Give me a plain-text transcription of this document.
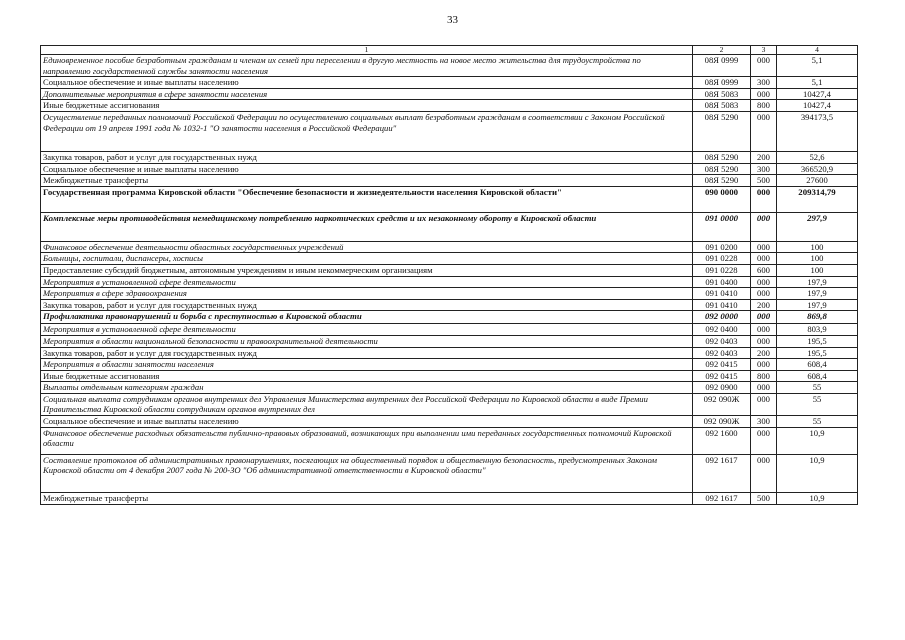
33
1	2	3	4
Единовременное пособие безработным гражданам и членам их семей при переселении в другую местность на новое место жительства для трудоустройства по направлению государственной службы занятости населения	08Я 0999	000	5,1
Социальное обеспечение и иные выплаты населению	08Я 0999	300	5,1
Дополнительные мероприятия в сфере занятости населения	08Я 5083	000	10427,4
Иные бюджетные ассигнования	08Я 5083	800	10427,4
Осуществление переданных полномочий Российской Федерации по осуществлению социальных выплат безработным гражданам в соответствии с Законом Российской Федерации от 19 апреля 1991 года № 1032-1 "О занятости населения в Российской Федерации"	08Я 5290	000	394173,5
Закупка товаров, работ и услуг для государственных нужд	08Я 5290	200	52,6
Социальное обеспечение и иные выплаты населению	08Я 5290	300	366520,9
Межбюджетные трансферты	08Я 5290	500	27600
Государственная программа Кировской области "Обеспечение безопасности и жизнедеятельности населения Кировской области"	090 0000	000	209314,79
Комплексные меры противодействия немедицинскому потреблению наркотических средств и их незаконному обороту в Кировской области	091 0000	000	297,9
Финансовое обеспечение деятельности областных государственных учреждений	091 0200	000	100
Больницы, госпитали, диспансеры, хосписы	091 0228	000	100
Предоставление субсидий бюджетным, автономным учреждениям и иным некоммерческим организациям	091 0228	600	100
Мероприятия в установленной сфере деятельности	091 0400	000	197,9
Мероприятия в сфере здравоохранения	091 0410	000	197,9
Закупка товаров, работ и услуг для государственных нужд	091 0410	200	197,9
Профилактика правонарушений и борьба с преступностью в Кировской области	092 0000	000	869,8
Мероприятия в установленной сфере деятельности	092 0400	000	803,9
Мероприятия в области национальной безопасности и правоохранительной деятельности	092 0403	000	195,5
Закупка товаров, работ и услуг для государственных нужд	092 0403	200	195,5
Мероприятия в области занятости населения	092 0415	000	608,4
Иные бюджетные ассигнования	092 0415	800	608,4
Выплаты отдельным категориям граждан	092 0900	000	55
Социальная выплата сотрудникам органов внутренних дел Управления Министерства внутренних дел Российской Федерации по Кировской области в виде Премии Правительства Кировской области сотрудникам органов внутренних дел	092 090Ж	000	55
Социальное обеспечение и иные выплаты населению	092 090Ж	300	55
Финансовое обеспечение расходных обязательств публично-правовых образований, возникающих при выполнении ими переданных государственных полномочий Кировской области	092 1600	000	10,9
Составление протоколов об административных правонарушениях, посягающих на общественный порядок и общественную безопасность, предусмотренных Законом Кировской области от 4 декабря 2007 года № 200-ЗО "Об административной ответственности в Кировской области"	092 1617	000	10,9
Межбюджетные трансферты	092 1617	500	10,9
